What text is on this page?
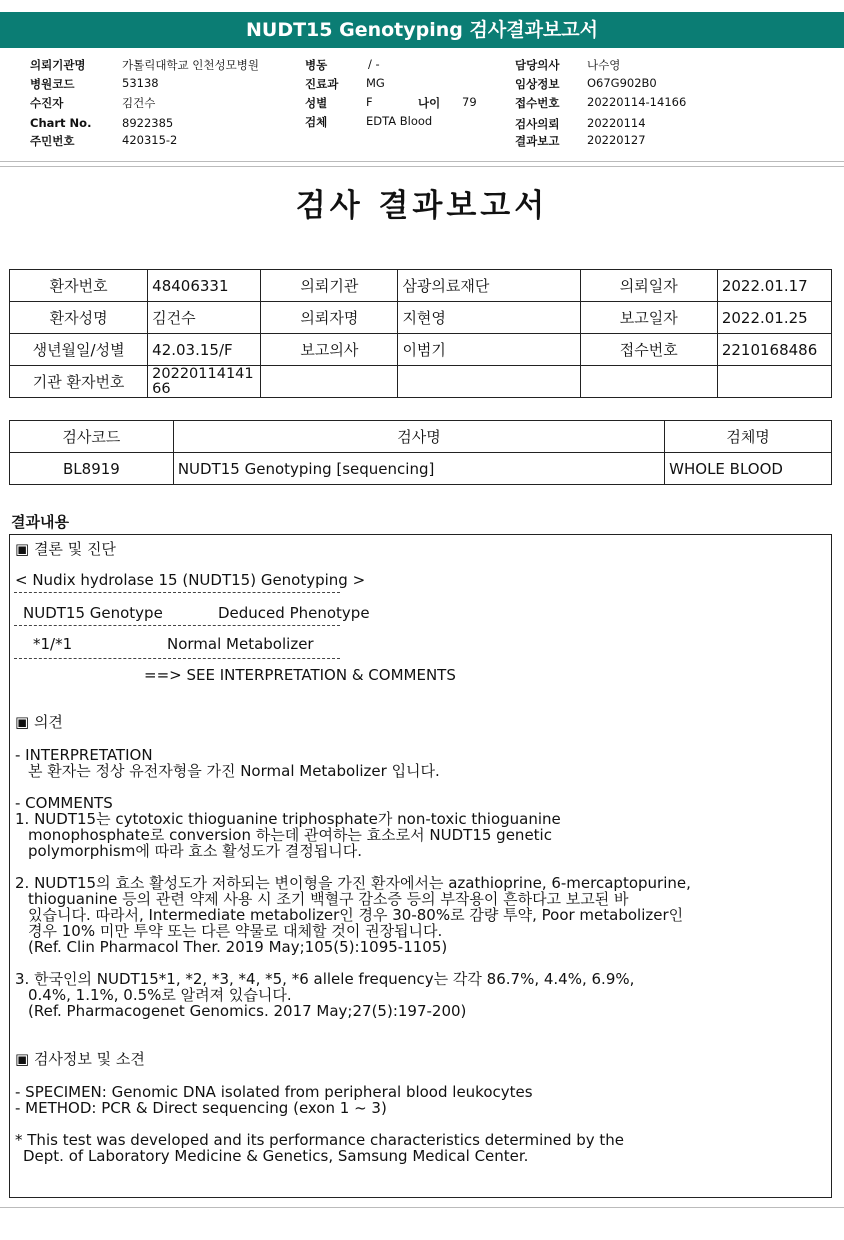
NUDT15 Genotyping 검사결과보고서
의뢰기관명	가톨릭대학교 인천성모병원
병원코드	53138
수진자	김건수
Chart No.	8922385
주민번호	420315-2
병동	/ -
진료과 MG
성별	F	나이 79
검체	EDTA Blood
담당의사 나수영
임상정보 O67G902B0
접수번호 20220114-14166
검사의뢰 20220114
결과보고 20220127
검사 결과보고서
환자번호	48406331	의뢰기관	삼광의료재단	의뢰일자	2022.01.17
환자성명	김건수	의뢰자명	지현영	보고일자	2022.01.25
생년월일/성별	42.03.15/F	보고의사	이범기	접수번호	2210168486
기관 환자번호	2022011414166				
검사코드	검사명	검체명
BL8919	NUDT15 Genotyping [sequencing]	WHOLE BLOOD
결과내용
▣ 결론 및 진단
< Nudix hydrolase 15 (NUDT15) Genotyping >
NUDT15 Genotype	Deduced Phenotype
*1/*1	Normal Metabolizer
==> SEE INTERPRETATION & COMMENTS
▣ 의견
- INTERPRETATION
본 환자는 정상 유전자형을 가진 Normal Metabolizer 입니다.
- COMMENTS
1. NUDT15는 cytotoxic thioguanine triphosphate가 non-toxic thioguanine
monophosphate로 conversion 하는데 관여하는 효소로서 NUDT15 genetic
polymorphism에 따라 효소 활성도가 결정됩니다.
2. NUDT15의 효소 활성도가 저하되는 변이형을 가진 환자에서는 azathioprine, 6-mercaptopurine,
thioguanine 등의 관련 약제 사용 시 조기 백혈구 감소증 등의 부작용이 흔하다고 보고된 바
있습니다. 따라서, Intermediate metabolizer인 경우 30-80%로 감량 투약, Poor metabolizer인
경우 10% 미만 투약 또는 다른 약물로 대체할 것이 권장됩니다.
(Ref. Clin Pharmacol Ther. 2019 May;105(5):1095-1105)
3. 한국인의 NUDT15*1, *2, *3, *4, *5, *6 allele frequency는 각각 86.7%, 4.4%, 6.9%,
0.4%, 1.1%, 0.5%로 알려져 있습니다.
(Ref. Pharmacogenet Genomics. 2017 May;27(5):197-200)
▣ 검사정보 및 소견
- SPECIMEN: Genomic DNA isolated from peripheral blood leukocytes
- METHOD: PCR & Direct sequencing (exon 1 ~ 3)
* This test was developed and its performance characteristics determined by the
Dept. of Laboratory Medicine & Genetics, Samsung Medical Center.
